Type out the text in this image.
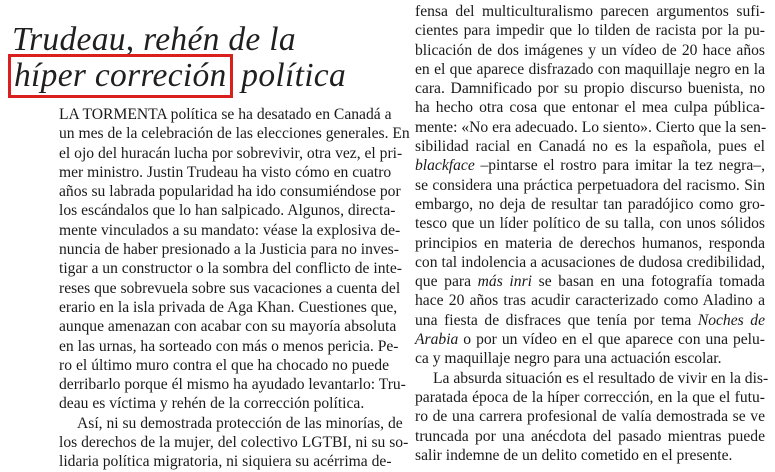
Trudeau, rehén de la
híper correción política

LA TORMENTA política se ha desatado en Canadá a
un mes de la celebración de las elecciones generales. En
el ojo del huracán lucha por sobrevivir, otra vez, el pri-
mer ministro. Justin Trudeau ha visto cómo en cuatro
años su labrada popularidad ha ido consumiéndose por
los escándalos que lo han salpicado. Algunos, directa-
mente vinculados a su mandato: véase la explosiva de-
nuncia de haber presionado a la Justicia para no inves-
tigar a un constructor o la sombra del conflicto de inte-
reses que sobrevuela sobre sus vacaciones a cuenta del
erario en la isla privada de Aga Khan. Cuestiones que,
aunque amenazan con acabar con su mayoría absoluta
en las urnas, ha sorteado con más o menos pericia. Pe-
ro el último muro contra el que ha chocado no puede
derribarlo porque él mismo ha ayudado levantarlo: Tru-
deau es víctima y rehén de la corrección política.

Así, ni su demostrada protección de las minorías, de
los derechos de la mujer, del colectivo LGTBI, ni su so-
lidaria política migratoria, ni siquiera su acérrima de-

fensa del multiculturalismo parecen argumentos sufi-
cientes para impedir que lo tilden de racista por la pu-
blicación de dos imágenes y un vídeo de 20 hace años
en el que aparece disfrazado con maquillaje negro en la
cara. Damnificado por su propio discurso buenista, no
ha hecho otra cosa que entonar el mea culpa pública-
mente: «No era adecuado. Lo siento». Cierto que la sen-
sibilidad racial en Canadá no es la española, pues el
blackface –pintarse el rostro para imitar la tez negra–,
se considera una práctica perpetuadora del racismo. Sin
embargo, no deja de resultar tan paradójico como gro-
tesco que un líder político de su talla, con unos sólidos
principios en materia de derechos humanos, responda
con tal indolencia a acusaciones de dudosa credibilidad,
que para más inri se basan en una fotografía tomada
hace 20 años tras acudir caracterizado como Aladino a
una fiesta de disfraces que tenía por tema Noches de
Arabia o por un vídeo en el que aparece con una pelu-
ca y maquillaje negro para una actuación escolar.

La absurda situación es el resultado de vivir en la dis-
paratada época de la híper corrección, en la que el futu-
ro de una carrera profesional de valía demostrada se ve
truncada por una anécdota del pasado mientras puede
salir indemne de un delito cometido en el presente.
